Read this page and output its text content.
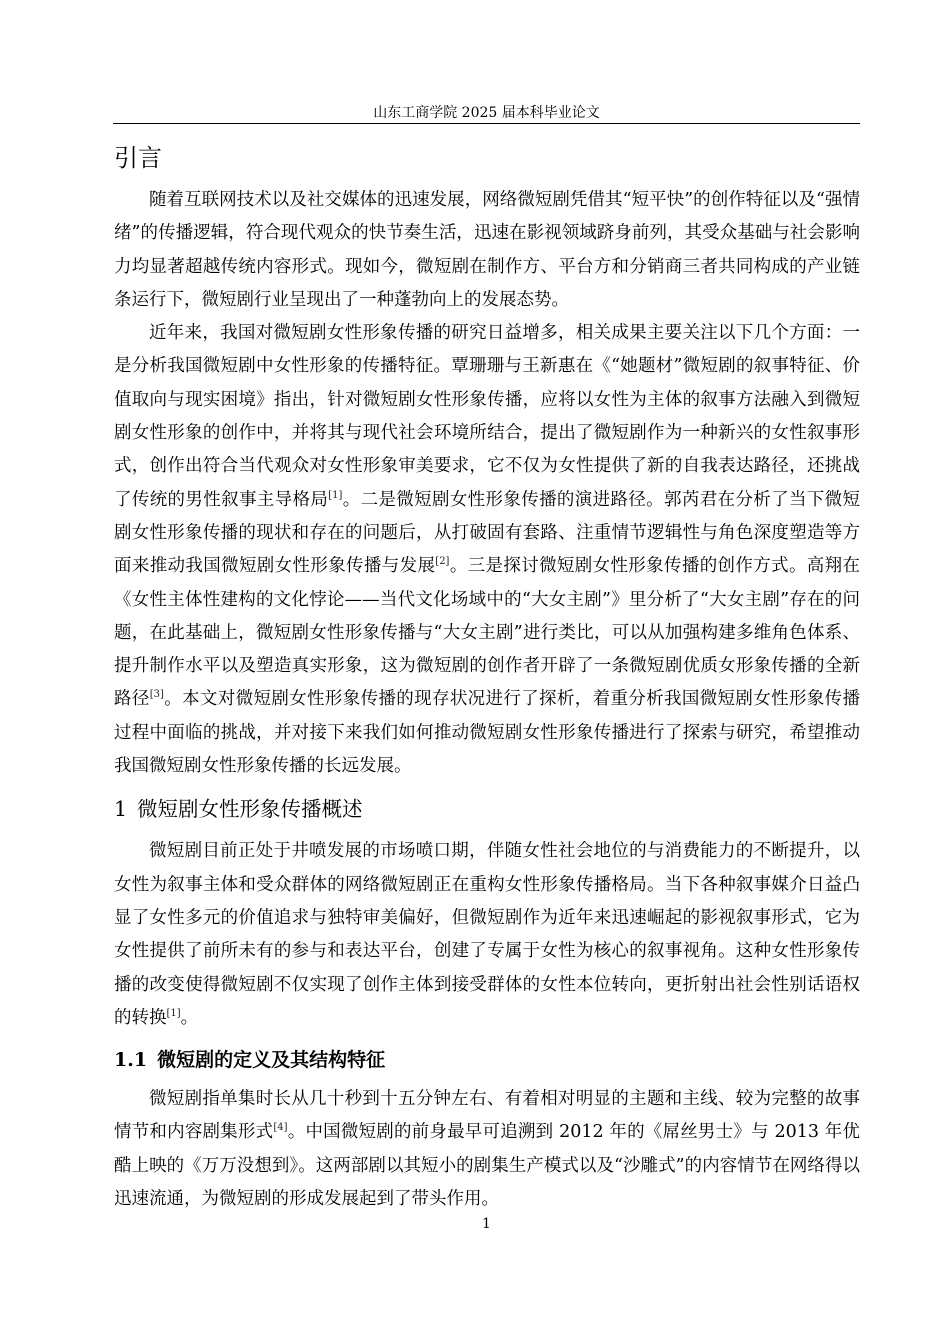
山东工商学院 2025 届本科毕业论文
引言

随着互联网技术以及社交媒体的迅速发展，网络微短剧凭借其“短平快”的创作特征以及“强情绪”的传播逻辑，符合现代观众的快节奏生活，迅速在影视领域跻身前列，其受众基础与社会影响力均显著超越传统内容形式。现如今，微短剧在制作方、平台方和分销商三者共同构成的产业链条运行下，微短剧行业呈现出了一种蓬勃向上的发展态势。

近年来，我国对微短剧女性形象传播的研究日益增多，相关成果主要关注以下几个方面：一是分析我国微短剧中女性形象的传播特征。覃珊珊与王新惠在《“她题材”微短剧的叙事特征、价值取向与现实困境》指出，针对微短剧女性形象传播，应将以女性为主体的叙事方法融入到微短剧女性形象的创作中，并将其与现代社会环境所结合，提出了微短剧作为一种新兴的女性叙事形式，创作出符合当代观众对女性形象审美要求，它不仅为女性提供了新的自我表达路径，还挑战了传统的男性叙事主导格局[1]。二是微短剧女性形象传播的演进路径。郭芮君在分析了当下微短剧女性形象传播的现状和存在的问题后，从打破固有套路、注重情节逻辑性与角色深度塑造等方面来推动我国微短剧女性形象传播与发展[2]。三是探讨微短剧女性形象传播的创作方式。高翔在《女性主体性建构的文化悖论——当代文化场域中的“大女主剧”》里分析了“大女主剧”存在的问题，在此基础上，微短剧女性形象传播与“大女主剧”进行类比，可以从加强构建多维角色体系、提升制作水平以及塑造真实形象，这为微短剧的创作者开辟了一条微短剧优质女形象传播的全新路径[3]。本文对微短剧女性形象传播的现存状况进行了探析，着重分析我国微短剧女性形象传播过程中面临的挑战，并对接下来我们如何推动微短剧女性形象传播进行了探索与研究，希望推动我国微短剧女性形象传播的长远发展。

1 微短剧女性形象传播概述

微短剧目前正处于井喷发展的市场喷口期，伴随女性社会地位的与消费能力的不断提升，以女性为叙事主体和受众群体的网络微短剧正在重构女性形象传播格局。当下各种叙事媒介日益凸显了女性多元的价值追求与独特审美偏好，但微短剧作为近年来迅速崛起的影视叙事形式，它为女性提供了前所未有的参与和表达平台，创建了专属于女性为核心的叙事视角。这种女性形象传播的改变使得微短剧不仅实现了创作主体到接受群体的女性本位转向，更折射出社会性别话语权的转换[1]。

1.1 微短剧的定义及其结构特征

微短剧指单集时长从几十秒到十五分钟左右、有着相对明显的主题和主线、较为完整的故事情节和内容剧集形式[4]。中国微短剧的前身最早可追溯到 2012 年的《屌丝男士》与 2013 年优酷上映的《万万没想到》。这两部剧以其短小的剧集生产模式以及“沙雕式”的内容情节在网络得以迅速流通，为微短剧的形成发展起到了带头作用。

1
